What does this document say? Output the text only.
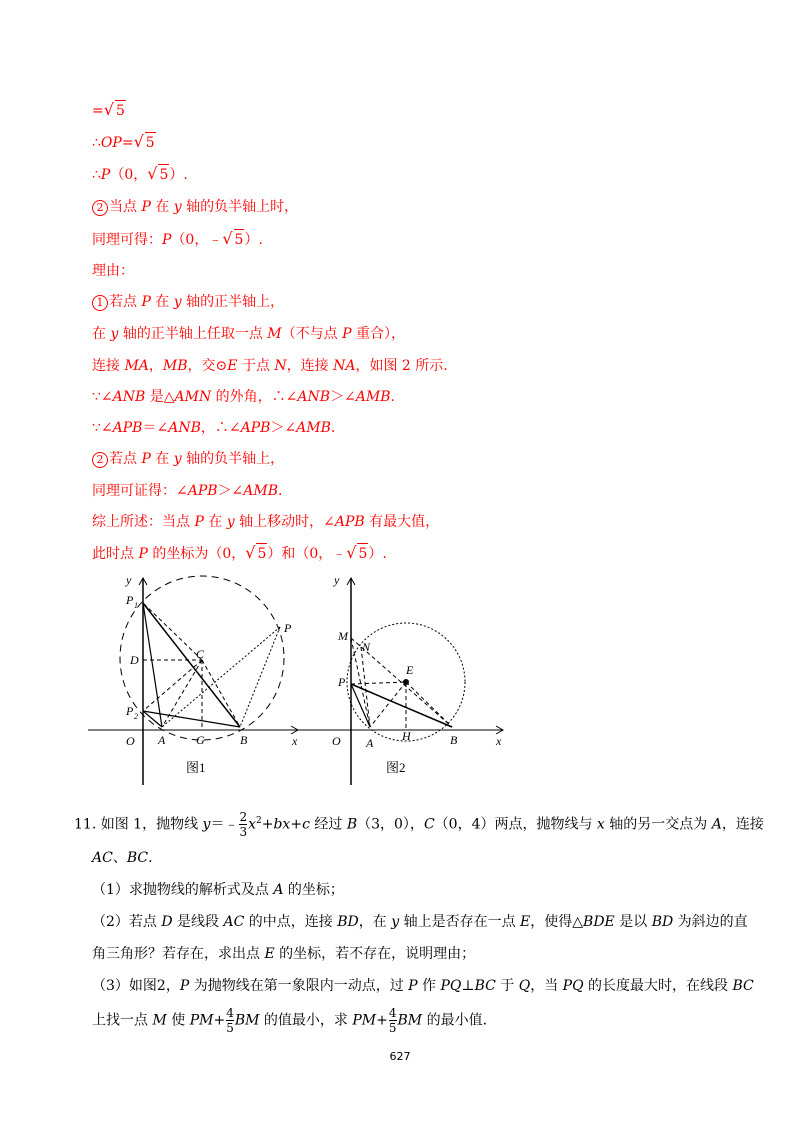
=√ 5
∴OP=√ 5
∴P（0，√ 5）.
2 当点 P 在 y 轴的负半轴上时，
同理可得：P（0，﹣√ 5）.
理由：
1 若点 P 在 y 轴的正半轴上，
在 y 轴的正半轴上任取一点 M（不与点 P 重合），
连接 MA，MB，交⊙E 于点 N，连接 NA，如图 2 所示.
∵∠ANB 是△AMN 的外角，∴∠ANB＞∠AMB.
∵∠APB＝∠ANB，∴∠APB＞∠AMB.
2 若点 P 在 y 轴的负半轴上，
同理可证得：∠APB＞∠AMB.
综上所述：当点 P 在 y 轴上移动时，∠APB 有最大值，
此时点 P 的坐标为（0，√ 5）和（0，﹣√ 5）.
y
x
O A	G	B
C
D
P
P 1
P 2
图1
y
x
O A H	B
E
M
N
P
图2
11. 如图 1，抛物线 y＝﹣ $\frac{2}{3} x^2+bx+c$ 经过 B（3，0），C（0，4）两点，抛物线与 x 轴的另一交点为 A，连接
AC、BC.
（1）求抛物线的解析式及点 A 的坐标；
（2）若点 D 是线段 AC 的中点，连接 BD，在 y 轴上是否存在一点 E，使得△BDE 是以 BD 为斜边的直
角三角形？若存在，求出点 E 的坐标，若不存在，说明理由；
（3）如图2，P 为抛物线在第一象限内一动点，过 P 作 PQ⊥BC 于 Q，当 PQ 的长度最大时，在线段 BC
上找一点 M 使 $PM+ \frac{4}{5}$ BM 的值最小，求 $PM+ \frac{4}{5}$ BM 的最小值.
627
